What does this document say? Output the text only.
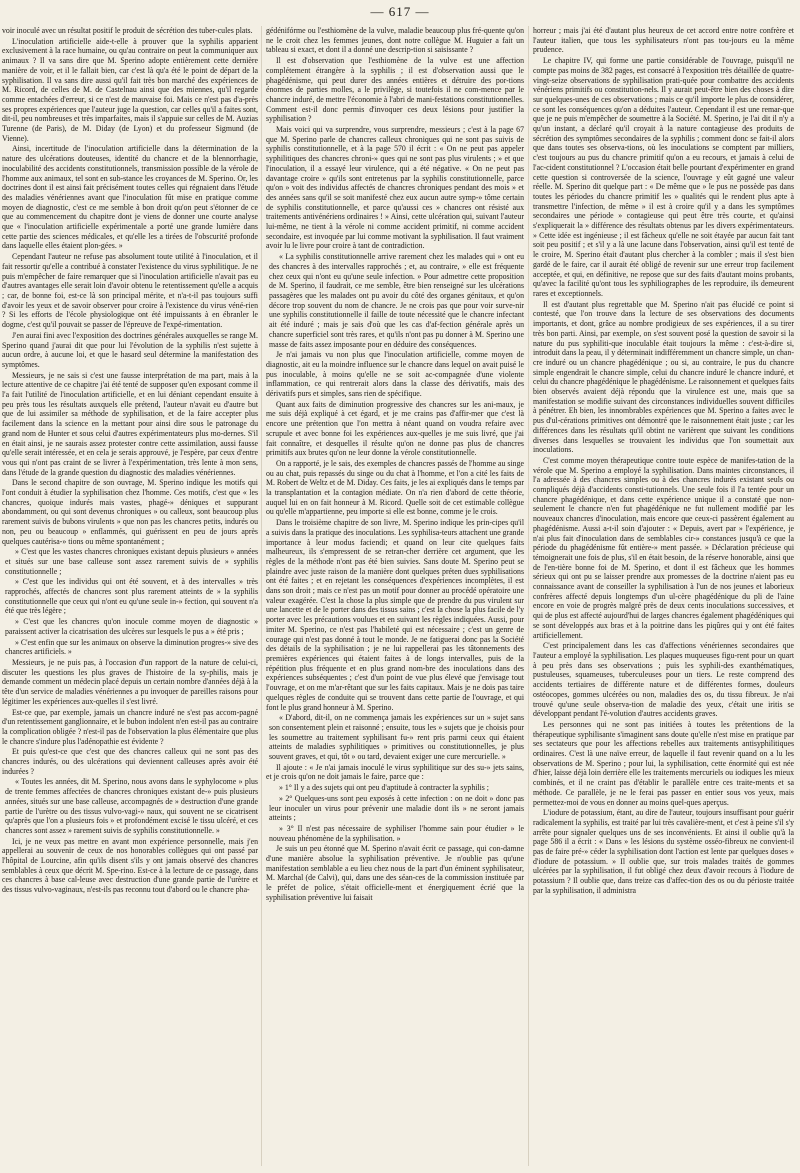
— 617 —

voir inoculé avec un résultat positif le produit de sécrétion des tuber-cules plats.

L'inoculation artificielle aide-t-elle à prouver que la syphilis apparient exclusivement à la race humaine, ou qu'au contraire on peut la communiquer aux animaux ? Il va sans dire que M. Sperino adopte entièrement cette dernière manière de voir, et il le fallait bien, car c'est là qu'a été le point de départ de la syphilisation. Il va sans dire aussi qu'il fait très bon marché des expériences de M. Ricord, de celles de M. de Castelnau ainsi que des miennes, qu'il regarde comme entachées d'erreur, si ce n'est de mauvaise foi. Mais ce n'est pas d'a-près ses propres expériences que l'auteur juge la question, car celles qu'il a faites sont, dit-il, peu nombreuses et très imparfaites, mais il s'appuie sur celles de M. Auzias Turenne (de Paris), de M. Diday (de Lyon) et du professeur Sigmund (de Vienne).

Ainsi, incertitude de l'inoculation artificielle dans la détermination de la nature des ulcérations douteuses, identité du chancre et de la blennorrhagie, inoculabilité des accidents constitutionnels, transmission possible de la vérole de l'homme aux animaux, tel sont en sub-stance les croyances de M. Sperino. Or, les doctrines dont il est ainsi fait précisément toutes celles qui régnaient dans l'étude des maladies vénériennes avant que l'inoculation fût mise en pratique comme moyen de diagnostic, c'est ce me semble à bon droit qu'on peut s'étonner de ce que au commencement du chapitre dont je viens de donner une courte analyse que « l'inoculation artificielle expérimentale a porté une grande lumière dans cette partie des sciences médicales, et qu'elle les a tirées de l'obscurité profonde dans laquelle elles étaient plon-gées. »

Cependant l'auteur ne refuse pas absolument toute utilité à l'inoculation, et il fait ressortir qu'elle a contribué à constater l'existence du virus syphilitique. Je ne puis m'empêcher de faire remarquer que si l'inoculation artificielle n'avait pas eu d'autres avantages elle serait loin d'avoir obtenu le retentissement qu'elle a acquis ; car, de bonne foi, est-ce là son principal mérite, et n'a-t-il pas toujours suffi d'avoir les yeux et de savoir observer pour croire à l'existence du virus véné-rien ? Si les efforts de l'école physiologique ont été impuissants à en ébranler le dogme, c'est qu'il pouvait se passer de l'épreuve de l'expé-rimentation.

J'en aurai fini avec l'exposition des doctrines générales auxquelles se range M. Sperino quand j'aurai dit que pour lui l'évolution de la syphilis n'est sujette à aucun ordre, à aucune loi, et que le hasard seul détermine la manifestation des symptômes.

Messieurs, je ne sais si c'est une fausse interprétation de ma part, mais à la lecture attentive de ce chapitre j'ai été tenté de supposer qu'en exposant comme il l'a fait l'utilité de l'inoculation artificielle, et en lui déniant cependant ensuite à peu près tous les résultats auxquels elle prétend, l'auteur n'avait eu d'autre but que de lui assimiler sa méthode de syphilisation, et de la faire accepter plus facilement dans la science en la mettant pour ainsi dire sous le patronage du grand nom de Hunter et sous celui d'autres expérimentateurs plus mo-dernes. S'il en était ainsi, je ne saurais assez protester contre cette assimilation, aussi fausse qu'elle serait intéressée, et en cela je serais approuvé, je l'espère, par ceux d'entre vous qui n'ont pas craint de se livrer à l'expérimentation, très lente à mon sens, dans l'étude de la grande question du diagnostic des maladies vénériennes.

Dans le second chapitre de son ouvrage, M. Sperino indique les motifs qui l'ont conduit à étudier la syphilisation chez l'homme. Ces motifs, c'est que « les chancres, quoique indurés mais vastes, phagé-» déniques et suppurant abondamment, ou qui sont devenus chroniques » ou calleux, sont beaucoup plus rarement suivis de bubons virulents » que non pas les chancres petits, indurés ou non, peu ou beaucoup » enflammés, qui guérissent en peu de jours après quelques cautérisa-» tions ou même spontanément ;

» C'est que les vastes chancres chroniques existant depuis plusieurs » années et situés sur une base calleuse sont assez rarement suivis de » syphilis constitutionnelle ;

» C'est que les individus qui ont été souvent, et à des intervalles » très rapprochés, affectés de chancres sont plus rarement atteints de » la syphilis constitutionnelle que ceux qui n'ont eu qu'une seule in-» fection, qui souvent n'a été que très légère ;

» C'est que les chancres qu'on inocule comme moyen de diagnostic » paraissent activer la cicatrisation des ulcères sur lesquels le pus a » été pris ;

» C'est enfin que sur les animaux on observe la diminution progres-» sive des chancres artificiels. »

Messieurs, je ne puis pas, à l'occasion d'un rapport de la nature de celui-ci, discuter les questions les plus graves de l'histoire de la sy-philis, mais je demande comment un médecin placé depuis un certain nombre d'années déjà à la tête d'un service de maladies vénériennes a pu invoquer de pareilles raisons pour légitimer les expériences aux-quelles il s'est livré.

Est-ce que, par exemple, jamais un chancre induré ne s'est pas accom-pagné d'un retentissement ganglionnaire, et le bubon indolent n'en est-il pas au contraire la complication obligée ? n'est-il pas de l'observation la plus élémentaire que plus le chancre s'indure plus l'adénopathie est évidente ?

Et puis qu'est-ce que c'est que des chancres calleux qui ne sont pas des chancres indurés, ou des ulcérations qui deviennent calleuses après avoir été indurées ?

« Toutes les années, dit M. Sperino, nous avons dans le syphylocome » plus de trente femmes affectées de chancres chroniques existant de-» puis plusieurs années, situés sur une base calleuse, accompagnés de » destruction d'une grande partie de l'urètre ou des tissus vulvo-vagi-» naux, qui souvent ne se cicatrisent qu'après que l'on a plusieurs fois » et profondément excisé le tissu ulcéré, et ces chancres sont assez » rarement suivis de syphilis constitutionnelle. »

Ici, je ne veux pas mettre en avant mon expérience personnelle, mais j'en appellerai au souvenir de ceux de nos honorables collègues qui ont passé par l'hôpital de Lourcine, afin qu'ils disent s'ils y ont jamais observé des chancres semblables à ceux que décrit M. Spe-rino. Est-ce à la lecture de ce passage, dans ces chancres à base cal-leuse avec destruction d'une grande partie de l'urètre et des tissus vulvo-vaginaux, n'est-ils pas reconnu tout d'abord ou le chancre pha-

gédénifórme ou l'esthiomène de la vulve, maladie beaucoup plus fré-quente qu'on ne le croit chez les femmes jeunes, dont notre collègue M. Huguier a fait un tableau si exact, et dont il a donné une descrip-tion si saisissante ?

Il est d'observation que l'esthiomène de la vulve est une affection complétement étrangère à la syphilis ; il est d'observation aussi que le phagédénisme, qui peut durer des années entières et détruire des por-tions énormes de parties molles, a le privilège, si toutefois il ne com-mence par le chancre induré, de mettre l'économie à l'abri de mani-festations constitutionnelles. Comment est-il donc permis d'invoquer ces deux lésions pour justifier la syphilisation ?

Mais voici qui va surprendre, vous surprendre, messieurs ; c'est à la page 67 que M. Sperino parle de chancres calleux chroniques qui ne sont pas suivis de syphilis constitutionnelle, et à la page 570 il écrit : « On ne peut pas appeler syphilitiques des chancres chroni-» ques qui ne sont pas plus virulents ; » et que l'inoculation, il a essayé leur virulence, qui a été négative. « On ne peut pas davantage croire » qu'ils sont entretenus par la syphilis constitutionnelle, parce qu'on » voit des individus affectés de chancres chroniques pendant des mois » et des années sans qu'il se soit manifesté chez eux aucun autre symp-» tôme certain de syphilis constitutionnelle, et parce qu'aussi ces » chancres ont résisté aux traitements antivénériens ordinaires ! » Ainsi, cette ulcération qui, suivant l'auteur lui-même, ne tient à la vérole ni comme accident primitif, ni comme accident secondaire, est invoquée par lui comme motivant la syphilisation. Il faut vraiment avoir lu le livre pour croire à tant de contradiction.

« La syphilis constitutionnelle arrive rarement chez les malades qui » ont eu des chancres à des intervalles rapprochés ; et, au contraire, » elle est fréquente chez ceux qui n'ont eu qu'une seule infection. » Pour admettre cette proposition de M. Sperino, il faudrait, ce me semble, être bien renseigné sur les ulcérations passagères que les malades ont pu avoir du côté des organes génitaux, et qu'on décore trop souvent du nom de chancre. Je ne crois pas que pour voir surve-nir une syphilis constitutionnelle il faille de toute nécessité que le chancre infectant ait été induré ; mais je sais d'où que les cas d'af-fection générale après un chancre superficiel sont très rares, et qu'ils n'ont pas pu donner à M. Sperino une masse de faits assez imposante pour en déduire des conséquences.

Je n'ai jamais vu non plus que l'inoculation artificielle, comme moyen de diagnostic, ait eu la moindre influence sur le chancre dans lequel on avait puisé le pus inoculable, à moins qu'elle ne se soit ac-compagnée d'une violente inflammation, ce qui rentrerait alors dans la classe des dérivatifs, mais des dérivatifs purs et simples, sans rien de spécifique.

Quant aux faits de diminution progressive des chancres sur les ani-maux, je me suis déjà expliqué à cet égard, et je me crains pas d'affir-mer que c'est là encore une prétention que l'on mettra à néant quand on voudra refaire avec scrupule et avec bonne foi les expériences aux-quelles je me suis livré, que j'ai fait connaître, et desquelles il résulte qu'on ne donne pas plus de chancres primitifs aux brutes qu'on ne leur donne la vérole constitutionnelle.

On a rapporté, je le sais, des exemples de chancres passés de l'homme au singe ou au chat, puis repassés du singe ou du chat à l'homme, et l'on a cité les faits de M. Robert de Weltz et de M. Diday. Ces faits, je les ai expliqués dans le temps par la transplantation et la contagion médiate. On n'a rien d'abord de cette théorie, auquel lui en on fait honneur à M. Ricord. Quelle soit de cet estimable collègue ou qu'elle m'appartienne, peu importe si elle est bonne, comme je le crois.

Dans le troisième chapitre de son livre, M. Sperino indique les prin-cipes qu'il a suivis dans la pratique des inoculations. Les syphilisa-teurs attachent une grande importance à leur modus faciendi; et quand on leur cite quelques faits malheureux, ils s'empressent de se retran-cher derrière cet argument, que les règles de la méthode n'ont pas été bien suivies. Sans doute M. Sperino peut se plaindre avec juste raison de la manière dont quelques préten dues syphilisations ont été faites ; et en rejetant les conséquences d'expériences incomplètes, il est dans son droit ; mais ce n'est pas un motif pour donner au procédé opératoire une valeur exagérée. C'est la chose la plus simple que de prendre du pus virulent sur une lancette et de le porter dans des tissus sains ; c'est la chose la plus facile de l'y porter avec les précautions voulues et en suivant les règles indiquées. Aussi, pour imiter M. Sperino, ce n'est pas l'habileté qui est nécessaire ; c'est un genre de courage qui n'est pas donné à tout le monde. Je ne fatiguerai donc pas la Société des détails de la syphilisation ; je ne lui rappellerai pas les tâtonnements des premières expériences qui étaient faites à de longs intervalles, puis de la répétition plus fréquente et en plus grand nom-bre des inoculations dans des expériences subséquentes ; c'est d'un point de vue plus élevé que j'envisage tout l'ouvrage, et on me m'ar-rêtant que sur les faits capitaux. Mais je ne dois pas taire quelques règles de conduite qui se trouvent dans cette partie de l'ouvrage, et qui font le plus grand honneur à M. Sperino.

« D'abord, dit-il, on ne commença jamais les expériences sur un » sujet sans son consentement plein et raisonné ; ensuite, tous les » sujets que je choisis pour les soumettre au traitement syphilisant fu-» rent pris parmi ceux qui étaient atteints de maladies syphilitiques » primitives ou constitutionnelles, je plus souvent graves, et qui, tôt » ou tard, devaient exiger une cure mercurielle. »

Il ajoute : « Je n'ai jamais inoculé le virus syphilitique sur des su-» jets sains, et je crois qu'on ne doit jamais le faire, parce que :

» 1° Il y a des sujets qui ont peu d'aptitude à contracter la syphilis ;

» 2° Quelques-uns sont peu exposés à cette infection : on ne doit » donc pas leur inoculer un virus pour prévenir une maladie dont ils » ne seront jamais atteints ;

» 3° Il n'est pas nécessaire de syphiliser l'homme sain pour étudier » le nouveau phénomène de la syphilisation. »

Je suis un peu étonné que M. Sperino n'avait écrit ce passage, qui con-damne d'une manière absolue la syphilisation préventive. Je n'oublie pas qu'une manifestation semblable a eu lieu chez nous de la part d'un éminent syphilisateur, M. Marchal (de Calvi), qui, dans une des séan-ces de la commission instituée par le préfet de police, s'était officielle-ment et énergiquement écrié que la syphilisation préventive lui faisait

horreur ; mais j'ai été d'autant plus heureux de cet accord entre notre confrère et l'auteur italien, que tous les syphilisateurs n'ont pas tou-jours eu la même prudence.

Le chapitre IV, qui forme une partie considérable de l'ouvrage, puisqu'il ne compte pas moins de 382 pages, est consacré à l'exposition très détaillée de quatre-vingt-seize observations de syphilisation prati-quée pour combattre des accidents vénériens primitifs ou constitution-nels. Il y aurait peut-être bien des choses à dire sur quelques-unes de ces observations ; mais ce qu'il importe le plus de considérer, ce sont les conséquences qu'on a déduites l'auteur. Cependant il est une remar-que que je ne puis m'empêcher de soumettre à la Société. M. Sperino, je l'ai dit il n'y a qu'un instant, a déclaré qu'il croyait à la nature contagieuse des produits de sécrétion des symptômes secondaires de la syphilis ; comment donc se fait-il alors que dans toutes ses observa-tions, où les inoculations se comptent par milliers, c'est toujours au pus du chancre primitif qu'on a eu recours, et jamais à celui de l'ac-cident constitutionnel ? L'occasion était belle pourtant d'expérimenter en grand cette question si controversée de la science, l'ouvrage y eût gagné une valeur réelle. M. Sperino dit quelque part : « De même que » le pus ne possède pas dans toutes les périodes du chancre primitif les » qualités qui le rendent plus apte à transmettre l'infection, de même » il est à croire qu'il y a dans les symptômes secondaires une période » contagieuse qui peut être très courte, et qu'ainsi s'expliquerait la » différence des résultats obtenus par les divers expérimentateurs. » Cette idée est ingénieuse ; il est fâcheux qu'elle ne soit étayée par aucun fait tant soit peu positif ; et s'il y a là une lacune dans l'observation, ainsi qu'il est tenté de le croire, M. Sperino était d'autant plus chercher à la combler ; mais il s'est bien gardé de le faire, car il aurait été obligé de revenir sur une erreur trop facilement acceptée, et qui, en définitive, ne repose que sur des faits d'autant moins probants, qu'avec la facilité qu'ont tous les syphiliographes de les reproduire, ils demeurent rares et exceptionnels.

Il est d'autant plus regrettable que M. Sperino n'ait pas élucidé ce point si contesté, que l'on trouve dans la lecture de ses observations des documents importants, et dont, grâce au nombre prodigieux de ses expériences, il a su tirer très bon parti. Ainsi, par exemple, on s'est souvent posé la question de savoir si la nature du pus syphiliti-que inoculable était toujours la même : c'est-à-dire si, introduit dans la peau, il y déterminait indifféremment un chancre simple, un chan-cre induré ou un chancre phagédénique ; ou si, au contraire, le pus du chancre simple engendrait le chancre simple, celui du chancre induré le chancre induré, et celui du chancre phagédénique le phagédénisme. Le raisonnement et quelques faits bien observés avaient déjà répondu que la virulence est une, mais que sa manifestation se modifie suivant des circonstances individuelles souvent difficiles à pénétrer. Eh bien, les innombrables expériences que M. Sperino a faites avec le pus d'ul-cérations primitives ont démontré que le raisonnement était juste ; car les différences dans les résultats qu'il obtint ne varièrent que suivant les conditions diverses dans lesquelles se trouvaient les individus que l'on soumettait aux inoculations.

C'est comme moyen thérapeutique contre toute espèce de manifes-tation de la vérole que M. Sperino a employé la syphilisation. Dans maintes circonstances, il l'a adressée à des chancres simples ou à des chancres indurés existant seuls ou compliqués déjà d'accidents consti-tutionnels. Une seule fois il l'a tentée pour un chancre phagédénique, et dans cette expérience unique il a constaté que non-seulement le chancre n'en fut phagédénique ne fut nullement modifié par les nouveaux chancres d'inoculation, mais encore que ceux-ci passèrent également au phagédénisme. Aussi a-t-il soin d'ajouter : « Depuis, avert par » l'expérience, je n'ai plus fait d'inoculation dans de semblables cir-» constances jusqu'à ce que la période du phagédénisme fût entière-» ment passée. » Déclaration précieuse qui témoignerait une fois de plus, s'il en était besoin, de la réserve honorable, ainsi que de l'en-tière bonne foi de M. Sperino, et dont il est fâcheux que les hommes sérieux qui ont pu se laisser prendre aux promesses de la doctrine n'aient pas eu connaissance avant de conseiller la syphilisation à l'un de nos jeunes et laborieux confrères affecté depuis longtemps d'un ul-cère phagédénique du pli de l'aine encore en voie de progrès malgré près de deux cents inoculations successives, et qui de plus est affecté aujourd'hui de larges chancres également phagédéniques qui se sont développés aux bras et à la poitrine dans les piqûres qui y ont été faites artificiellement.

C'est principalement dans les cas d'affections vénériennes secondaires que l'auteur a employé la syphilisation. Les plaques muqueuses figu-rent pour un quart à peu près dans ses observations ; puis les syphili-des exanthématiques, pustuleuses, squameuses, tuberculeuses pour un tiers. Le reste comprend des accidents tertiaires de différente nature et de différentes formes, douleurs ostéocopes, gommes ulcérées ou non, maladies des os, du tissu fibreux. Je n'ai trouvé qu'une seule observa-tion de maladie des yeux, c'était une iritis se développant pendant l'é-volution d'autres accidents graves.

Les personnes qui ne sont pas initiées à toutes les prétentions de la thérapeutique syphilisante s'imaginent sans doute qu'elle n'est mise en pratique par ses sectateurs que pour les affections rebelles aux traitements antisyphilitiques ordinaires. C'est là une naïve erreur, de laquelle il faut revenir quand on a lu les observations de M. Sperino ; pour lui, la syphilisation, cette énormité qui est née d'hier, laisse déjà loin derrière elle les traitements mercuriels ou iodiques les mieux combinés, et il ne craint pas d'établir le parallèle entre ces traite-ments et sa méthode. Ce parallèle, je ne le ferai pas passer en entier sous vos yeux, mais permettez-moi de vous en donner au moins quel-ques aperçus.

L'iodure de potassium, étant, au dire de l'auteur, toujours insuffisant pour guérir radicalement la syphilis, est traité par lui très cavalière-ment, et c'est à peine s'il s'y arrête pour signaler quelques uns de ses inconvénients. Et ainsi il oublie qu'à la page 586 il a écrit : « Dans » les lésions du système osséo-fibreux ne convient-il pas de faire pré-» céder la syphilisation dont l'action est lente par quelques doses » d'iodure de potassium. » Il oublie que, sur trois malades traités de gommes ulcérées par la syphilisation, il fut obligé chez deux d'avoir recours à l'iodure de potassium ? Il oublie que, dans treize cas d'affec-tion des os ou du périoste traitée par la syphilisation, il administra
